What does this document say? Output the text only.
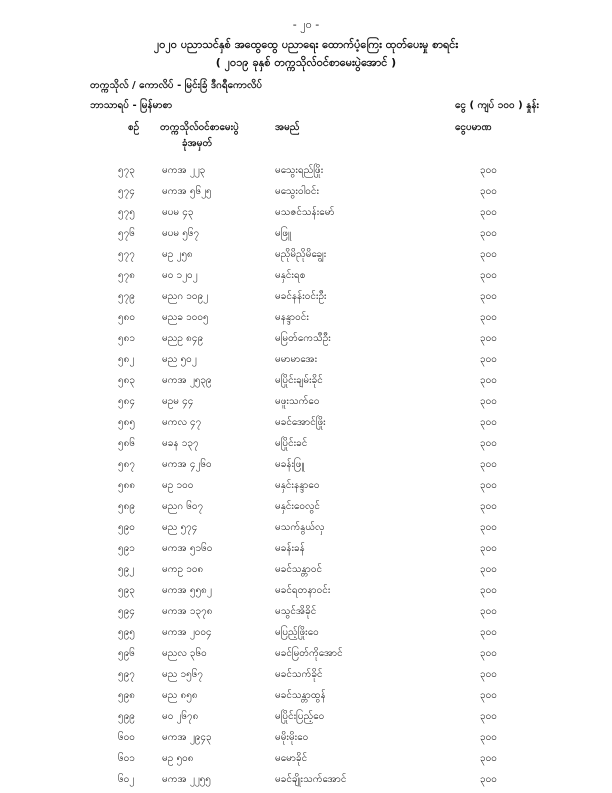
- ၂၀ -
၂၀၂၀ ပညာသင်နှစ် အထွေထွေ ပညာရေး ထောက်ပံ့ကြေး ထုတ်ပေးမှု စာရင်း
( ၂၀၁၉ ခုနှစ် တက္ကသိုလ်ဝင်စာမေးပွဲအောင် )
တက္ကသိုလ် / ကောလိပ် - မြင်းခြံ ဒီဂရီကောလိပ်
ဘာသာရပ် - မြန်မာစာ	ငွေ ( ကျပ် ၁၀၀ ) နှုန်း
စဉ် တက္ကသိုလ်ဝင်စာမေးပွဲ
ခုံအမှတ်
အမည်	ငွေပမာဏ
၅၇၃	မကအ ၂၂၃	မသွေးရည်ဖြိုး	၃၀၀
၅၇၄	မကအ ၅၆၂၅	မသွေးဝါဝင်း	၃၀၀
၅၇၅	မပမ ၄၃	မသဇင်သန်းမော်	၃၀၀
၅၇၆	မပမ ၅၆၇	မဖြူ	၃၀၀
၅၇၇	မဥ ၂၅၈	မညိုမိညိုမိချွေး	၃၀၀
၅၇၈	မဝ ၁၂၀၂	မနှင်းရစ	၃၀၀
၅၇၉	မညဂ ၁၀၉၂	မခင်နန်းဝင်းဦး	၃၀၀
၅၈၀	မညခ ၁၀၀၅	မနန္ဒာဝင်း	၃၀၀
၅၈၁	မညဥ ၈၄၉	မမြတ်ကေသီဦး	၃၀၀
၅၈၂	မည ၅၀၂	မမာမာအေး	၃၀၀
၅၈၃	မကအ ၂၅၃၉	မပြိုင်းချမ်းခိုင်	၃၀၀
၅၈၄	မဥမ ၄၄	မဖူးသက်ဝေ	၃၀၀
၅၈၅	မကလ ၄၇	မခင်အောင်ဖြိုး	၃၀၀
၅၈၆	မခန ၁၃၇	မပြိုင်းခင်	၃၀၀
၅၈၇	မကအ ၄၂၆၀	မခန်းဖြူ	၃၀၀
၅၈၈	မဥ ၁၀၀	မနှင်းနန္ဒာဝေ	၃၀၀
၅၈၉	မညဂ ၆၀၇	မနှင်းဝေလွင်	၃၀၀
၅၉၀	မည ၅၇၄	မသက်နွယ်လှ	၃၀၀
၅၉၁	မကအ ၅၁၆၀	မခန်းခန်	၃၀၀
၅၉၂	မကဥ ၁၀၈	မခင်သန္တာဝင်	၃၀၀
၅၉၃	မကအ ၅၅၈၂	မခင်ရတနာဝင်း	၃၀၀
၅၉၄	မကအ ၁၃၇၈	မသွင်အိခိုင်	၃၀၀
၅၉၅	မကအ ၂၀၀၄	မပြည့်ဖြိုးဝေ	၃၀၀
၅၉၆	မညလ ၃၆၀	မခင်မြတ်ကိုအောင်	၃၀၀
၅၉၇	မည ၁၅၆၇	မခင်သက်ခိုင်	၃၀၀
၅၉၈	မည ၈၅၈	မခင်သန္တာထွန်	၃၀၀
၅၉၉	မဝ ၂၆၇၈	မပြိုင်းပြည့်ဝေ	၃၀၀
၆၀၀	မကအ ၂၉၄၃	မမိုးမိုးဝေ	၃၀၀
၆၀၁	မဥ ၅၀၈	မမောခိုင်	၃၀၀
၆၀၂	မကအ ၂၂၅၅	မခင်ချိုးသက်အောင်	၃၀၀
